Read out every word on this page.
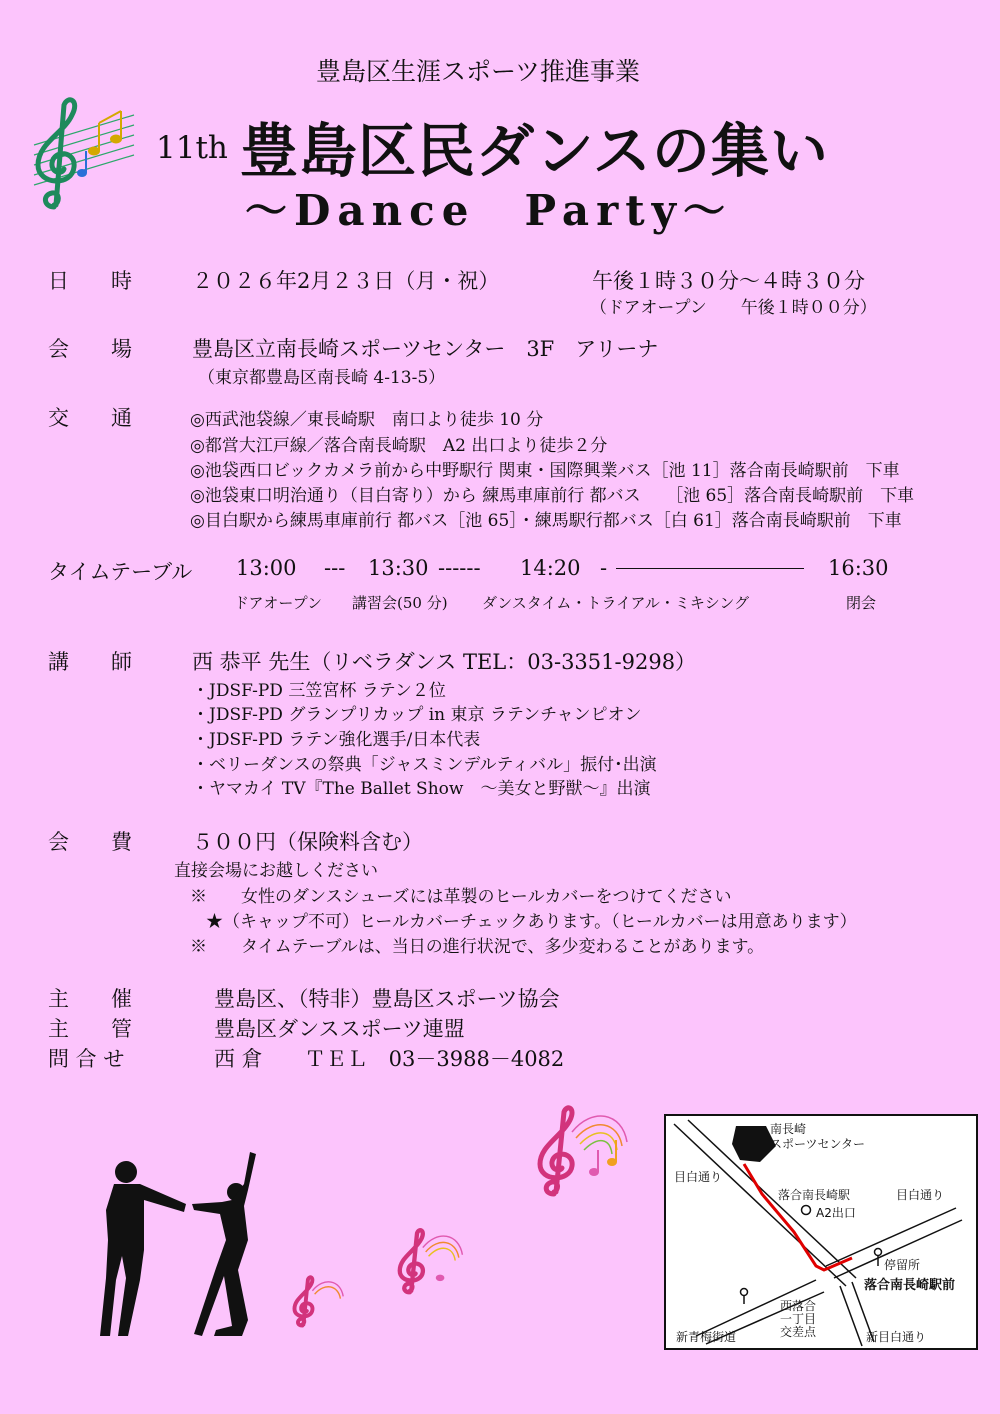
豊島区生涯スポーツ推進事業
11th 豊島区民ダンスの集い
～Dance　Party～
日　　時	２０２６年2月２３日（月・祝）	午後１時３０分～４時３０分
（ドアオープン　　午後１時００分）
会　　場	豊島区立南長崎スポーツセンター　3F　アリーナ
（東京都豊島区南長崎 4-13-5）
交　　通	◎西武池袋線／東長崎駅　南口より徒歩 10 分
◎都営大江戸線／落合南長崎駅　A2 出口より徒歩２分
◎池袋西口ビックカメラ前から中野駅行 関東・国際興業バス［池 11］落合南長崎駅前　下車
◎池袋東口明治通り（目白寄り）から 練馬車庫前行 都バス　　［池 65］落合南長崎駅前　下車
◎目白駅から練馬車庫前行 都バス［池 65］・練馬駅行都バス［白 61］落合南長崎駅前　下車
タイムテーブル 13:00 --- 13:30 ------ 14:20 -	16:30
ドアオープン 講習会(50 分) ダンスタイム・トライアル・ミキシング	閉会
講　　師	西 恭平 先生（リベラダンス TEL：03-3351-9298）
・JDSF-PD 三笠宮杯 ラテン２位
・JDSF-PD グランプリカップ in 東京 ラテンチャンピオン
・JDSF-PD ラテン強化選手/日本代表
・ベリーダンスの祭典「ジャスミンデルティバル」振付･出演
・ヤマカイ TV『The Ballet Show　～美女と野獣～』出演
会　　費	５００円（保険料含む）
直接会場にお越しください
※　　女性のダンスシューズには革製のヒールカバーをつけてください
★（キャップ不可）ヒールカバーチェックあります。（ヒールカバーは用意あります）
※　　タイムテーブルは、当日の進行状況で、多少変わることがあります。
主　　催	豊島区、（特非）豊島区スポーツ協会
主　　管	豊島区ダンススポーツ連盟
問 合 せ	西 倉　　ＴＥＬ　03－3988－4082
南長崎
スポーツセンター
目白通り
落合南長崎駅	目白通り
A2出口
停留所
落合南長崎駅前
西落合
一丁目
交差点
新青梅街道	新目白通り
